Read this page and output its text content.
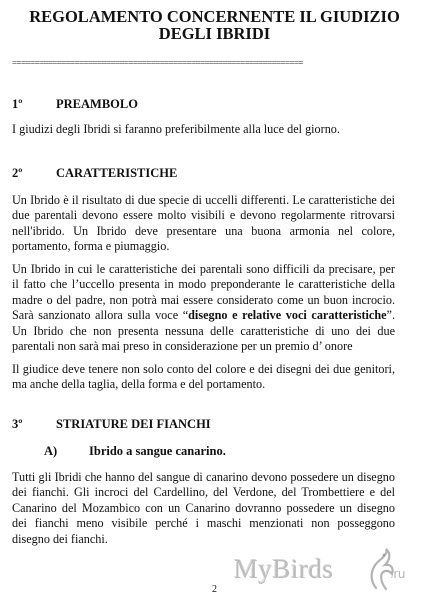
REGOLAMENTO CONCERNENTE IL GIUDIZIO
DEGLI IBRIDI
=================================================================
1º	PREAMBOLO
I giudizi degli Ibridi si faranno preferibilmente alla luce del giorno.
2º	CARATTERISTICHE
Un Ibrido è il risultato di due specie di uccelli differenti. Le caratteristiche dei
due parentali devono essere molto visibili e devono regolarmente ritrovarsi
nell'ibrido. Un Ibrido deve presentare una buona armonia nel colore,
portamento, forma e piumaggio.
Un Ibrido in cui le caratteristiche dei parentali sono difficili da precisare, per
il fatto che l’uccello presenta in modo preponderante le caratteristiche della
madre o del padre, non potrà mai essere considerato come un buon incrocio.
Sarà sanzionato allora sulla voce “disegno e relative voci caratteristiche”.
Un Ibrido che non presenta nessuna delle caratteristiche di uno dei due
parentali non sarà mai preso in considerazione per un premio d’ onore
Il giudice deve tenere non solo conto del colore e dei disegni dei due genitori,
ma anche della taglia, della forma e del portamento.
3º	STRIATURE DEI FIANCHI
A)	Ibrido a sangue canarino.
Tutti gli Ibridi che hanno del sangue di canarino devono possedere un disegno
dei fianchi. Gli incroci del Cardellino, del Verdone, del Trombettiere e del
Canarino del Mozambico con un Canarino dovranno possedere un disegno
dei fianchi meno visibile perché i maschi menzionati non posseggono
disegno dei fianchi.
2
MyBirds	.ru
